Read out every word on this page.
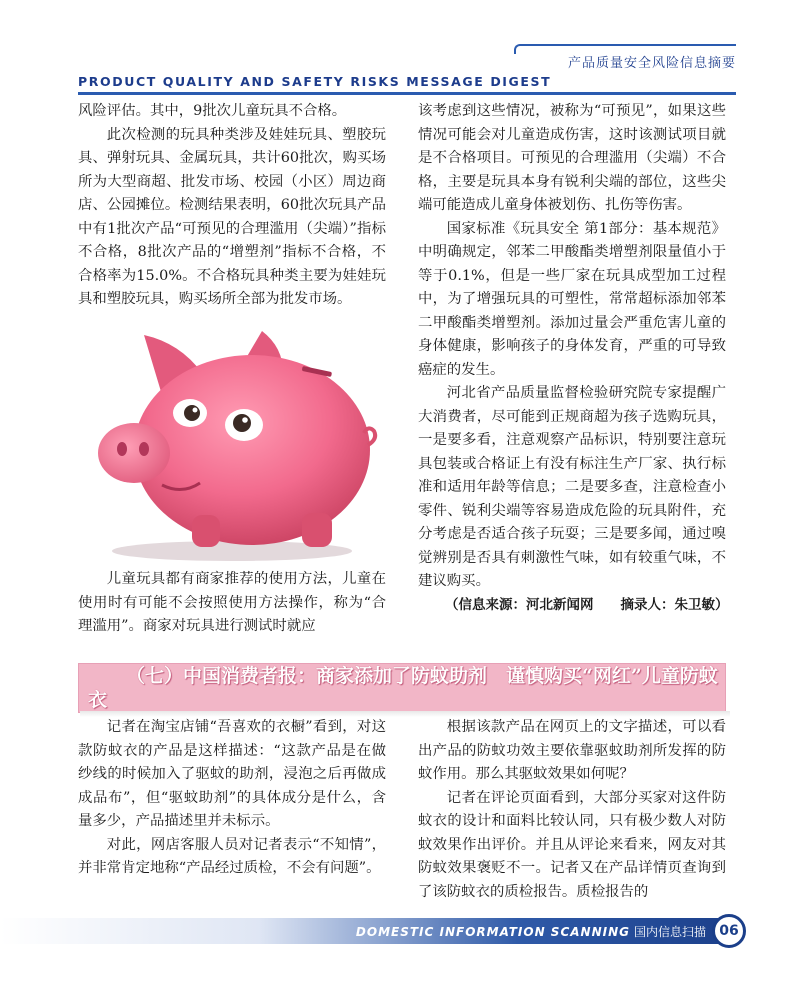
产品质量安全风险信息摘要
PRODUCT QUALITY AND SAFETY RISKS MESSAGE DIGEST

风险评估。其中，9批次儿童玩具不合格。

此次检测的玩具种类涉及娃娃玩具、塑胶玩具、弹射玩具、金属玩具，共计60批次，购买场所为大型商超、批发市场、校园（小区）周边商店、公园摊位。检测结果表明，60批次玩具产品中有1批次产品“可预见的合理滥用（尖端）”指标不合格，8批次产品的“增塑剂”指标不合格，不合格率为15.0%。不合格玩具种类主要为娃娃玩具和塑胶玩具，购买场所全部为批发市场。

儿童玩具都有商家推荐的使用方法，儿童在使用时有可能不会按照使用方法操作，称为“合理滥用”。商家对玩具进行测试时就应

该考虑到这些情况，被称为“可预见”，如果这些情况可能会对儿童造成伤害，这时该测试项目就是不合格项目。可预见的合理滥用（尖端）不合格，主要是玩具本身有锐利尖端的部位，这些尖端可能造成儿童身体被划伤、扎伤等伤害。

国家标准《玩具安全 第1部分：基本规范》中明确规定，邻苯二甲酸酯类增塑剂限量值小于等于0.1%，但是一些厂家在玩具成型加工过程中，为了增强玩具的可塑性，常常超标添加邻苯二甲酸酯类增塑剂。添加过量会严重危害儿童的身体健康，影响孩子的身体发育，严重的可导致癌症的发生。

河北省产品质量监督检验研究院专家提醒广大消费者，尽可能到正规商超为孩子选购玩具，一是要多看，注意观察产品标识，特别要注意玩具包装或合格证上有没有标注生产厂家、执行标准和适用年龄等信息；二是要多查，注意检查小零件、锐利尖端等容易造成危险的玩具附件，充分考虑是否适合孩子玩耍；三是要多闻，通过嗅觉辨别是否具有刺激性气味，如有较重气味，不建议购买。

（信息来源：河北新闻网　　摘录人：朱卫敏）

（七）中国消费者报：商家添加了防蚊助剂　谨慎购买“网红”儿童防蚊衣

记者在淘宝店铺“吾喜欢的衣橱”看到，对这款防蚊衣的产品是这样描述：“这款产品是在做纱线的时候加入了驱蚊的助剂，浸泡之后再做成成品布”，但“驱蚊助剂”的具体成分是什么，含量多少，产品描述里并未标示。

对此，网店客服人员对记者表示“不知情”，并非常肯定地称“产品经过质检，不会有问题”。

根据该款产品在网页上的文字描述，可以看出产品的防蚊功效主要依靠驱蚊助剂所发挥的防蚊作用。那么其驱蚊效果如何呢？

记者在评论页面看到，大部分买家对这件防蚊衣的设计和面料比较认同，只有极少数人对防蚊效果作出评价。并且从评论来看来，网友对其防蚊效果褒贬不一。记者又在产品详情页查询到了该防蚊衣的质检报告。质检报告的

DOMESTIC INFORMATION SCANNING 国内信息扫描 06
